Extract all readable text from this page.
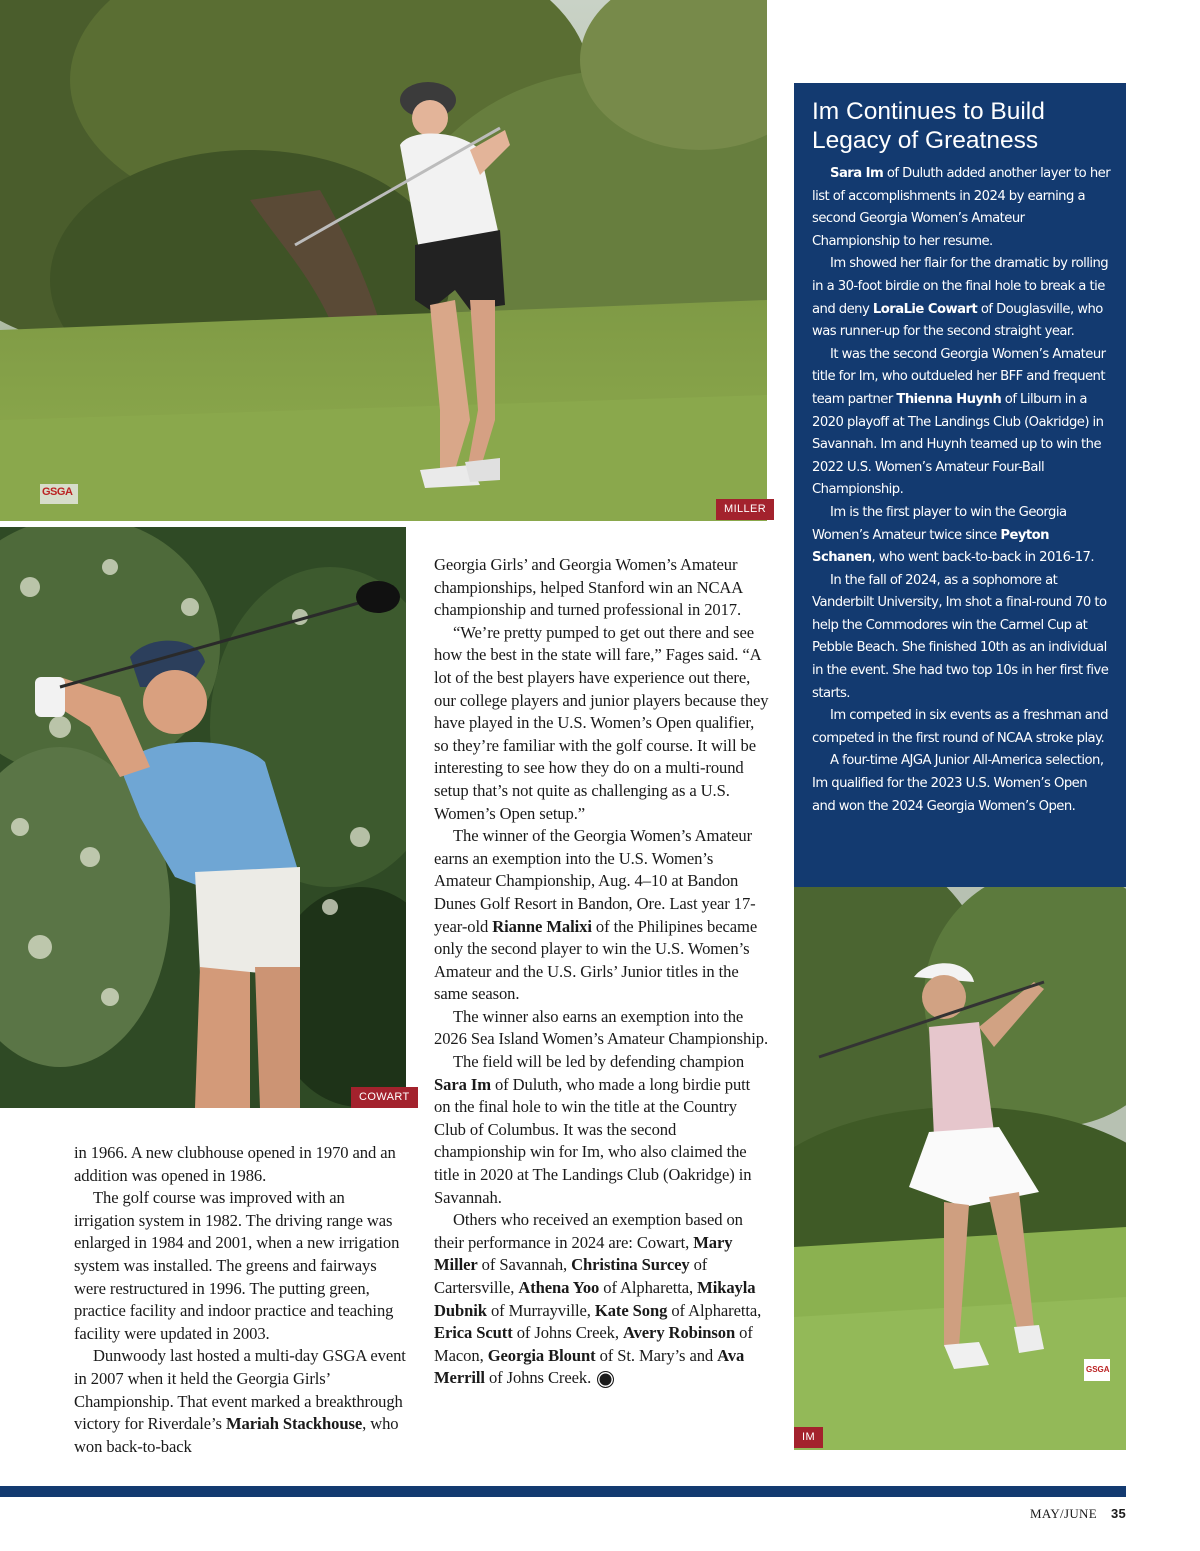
GSGA
MILLER
COWART
GSGA
IM
Im Continues to Build Legacy of Greatness

Sara Im of Duluth added another layer to her list of accomplishments in 2024 by earning a second Georgia Women’s Amateur Championship to her resume.

Im showed her flair for the dramatic by rolling in a 30-foot birdie on the final hole to break a tie and deny LoraLie Cowart of Douglasville, who was runner-up for the second straight year.

It was the second Georgia Women’s Amateur title for Im, who outdueled her BFF and frequent team partner Thienna Huynh of Lilburn in a 2020 playoff at The Landings Club (Oakridge) in Savannah. Im and Huynh teamed up to win the 2022 U.S. Women’s Amateur Four-Ball Championship.

Im is the first player to win the Georgia Women’s Amateur twice since Peyton Schanen, who went back-to-back in 2016-17.

In the fall of 2024, as a sophomore at Vanderbilt University, Im shot a final-round 70 to help the Commodores win the Carmel Cup at Pebble Beach. She finished 10th as an individual in the event. She had two top 10s in her first five starts.

Im competed in six events as a freshman and competed in the first round of NCAA stroke play.

A four-time AJGA Junior All-America selection, Im qualified for the 2023 U.S. Women’s Open and won the 2024 Georgia Women’s Open.

in 1966. A new clubhouse opened in 1970 and an addition was opened in 1986.

The golf course was improved with an irrigation system in 1982. The driving range was enlarged in 1984 and 2001, when a new irrigation system was installed. The greens and fairways were restructured in 1996. The putting green, practice facility and indoor practice and teaching facility were updated in 2003.

Dunwoody last hosted a multi-day GSGA event in 2007 when it held the Georgia Girls’ Championship. That event marked a breakthrough victory for Riverdale’s Mariah Stackhouse, who won back-to-back

Georgia Girls’ and Georgia Women’s Amateur championships, helped Stanford win an NCAA championship and turned professional in 2017.

“We’re pretty pumped to get out there and see how the best in the state will fare,” Fages said. “A lot of the best players have experience out there, our college players and junior players because they have played in the U.S. Women’s Open qualifier, so they’re familiar with the golf course. It will be interesting to see how they do on a multi-round setup that’s not quite as challenging as a U.S. Women’s Open setup.”

The winner of the Georgia Women’s Amateur earns an exemption into the U.S. Women’s Amateur Championship, Aug. 4–10 at Bandon Dunes Golf Resort in Bandon, Ore. Last year 17-year-old Rianne Malixi of the Philipines became only the second player to win the U.S. Women’s Amateur and the U.S. Girls’ Junior titles in the same season.

The winner also earns an exemption into the 2026 Sea Island Women’s Amateur Championship.

The field will be led by defending champion Sara Im of Duluth, who made a long birdie putt on the final hole to win the title at the Country Club of Columbus. It was the second championship win for Im, who also claimed the title in 2020 at The Landings Club (Oakridge) in Savannah.

Others who received an exemption based on their performance in 2024 are: Cowart, Mary Miller of Savannah, Christina Surcey of Cartersville, Athena Yoo of Alpharetta, Mikayla Dubnik of Murrayville, Kate Song of Alpharetta, Erica Scutt of Johns Creek, Avery Robinson of Macon, Georgia Blount of St. Mary’s and Ava Merrill of Johns Creek.	GG

MAY/JUNE 35
